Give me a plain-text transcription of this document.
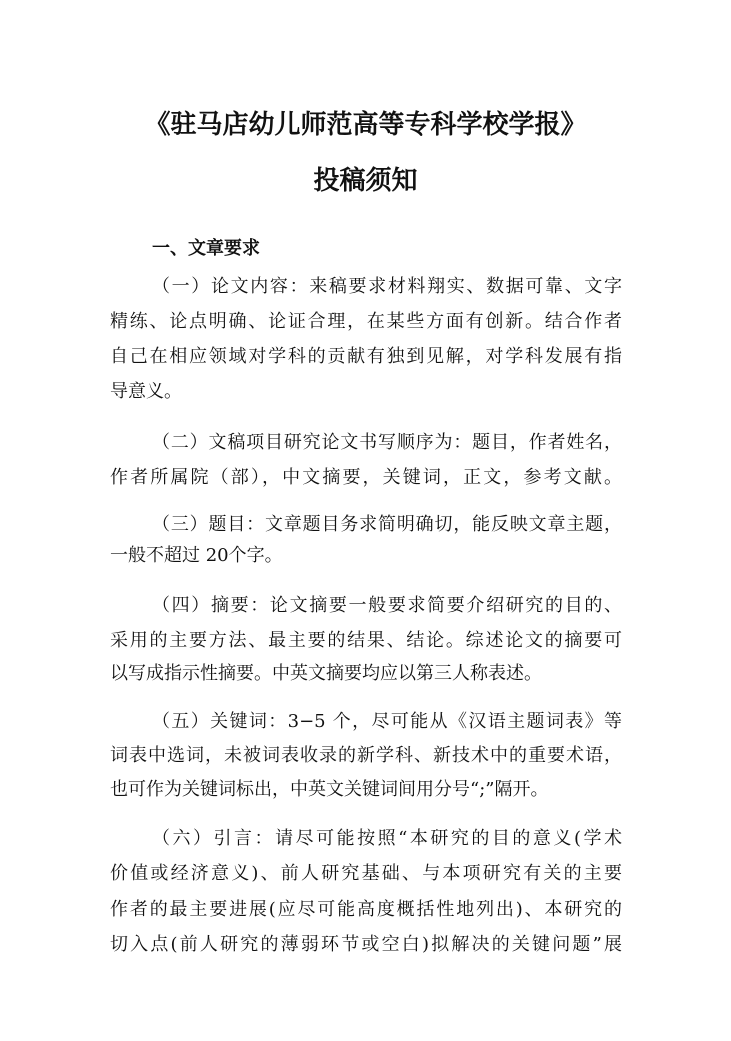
《驻马店幼儿师范高等专科学校学报》
投稿须知
一、文章要求
（一）论文内容：来稿要求材料翔实、数据可靠、文字
精练、论点明确、论证合理，在某些方面有创新。结合作者
自己在相应领域对学科的贡献有独到见解，对学科发展有指
导意义。
（二）文稿项目研究论文书写顺序为：题目，作者姓名，
作者所属院（部），中文摘要，关键词，正文，参考文献。
（三）题目：文章题目务求简明确切，能反映文章主题，
一般不超过 20个字。
（四）摘要：论文摘要一般要求简要介绍研究的目的、
采用的主要方法、最主要的结果、结论。综述论文的摘要可
以写成指示性摘要。中英文摘要均应以第三人称表述。
（五）关键词：3−5 个，尽可能从《汉语主题词表》等
词表中选词，未被词表收录的新学科、新技术中的重要术语，
也可作为关键词标出，中英文关键词间用分号“;”隔开。
（六）引言：请尽可能按照“本研究的目的意义(学术
价值或经济意义)、前人研究基础、与本项研究有关的主要
作者的最主要进展(应尽可能高度概括性地列出)、本研究的
切入点(前人研究的薄弱环节或空白)拟解决的关键问题”展
